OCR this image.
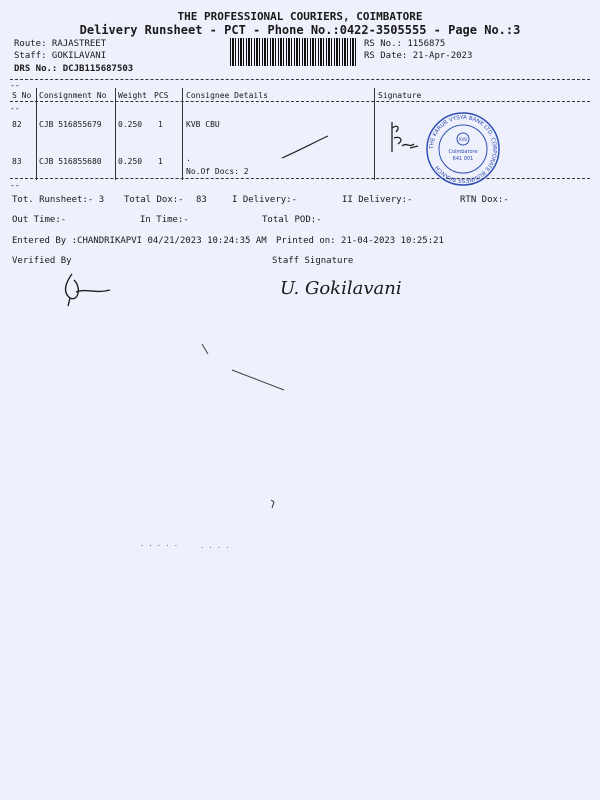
THE PROFESSIONAL COURIERS, COIMBATORE
Delivery Runsheet - PCT - Phone No.:0422-3505555 - Page No.:3
Route: RAJASTREET
Staff: GOKILAVANI
DRS No.: DCJB115687503
RS No.: 1156875
RS Date: 21-Apr-2023
--
--
--
S No Consignment No Weight PCS Consignee Details	Signature
82 CJB 516855679 0.250 1	KVB CBU
83 CJB 516855680 0.250 1	.
No.Of Docs: 2
THE KARUR VYSYA BANK LTD. CORPORATE BUSINESS BRANCH
KVB
Coimbatore
641 001
Tot. Runsheet:- 3 Total Dox:- 83	I Delivery:-	II Delivery:-	RTN Dox:-
Out Time:-	In Time:-	Total POD:-
Entered By :CHANDRIKAPVI 04/21/2023 10:24:35 AM Printed on: 21-04-2023 10:25:21
Verified By	Staff Signature
U. Gokilavani
· · · · ·	· · · ·
